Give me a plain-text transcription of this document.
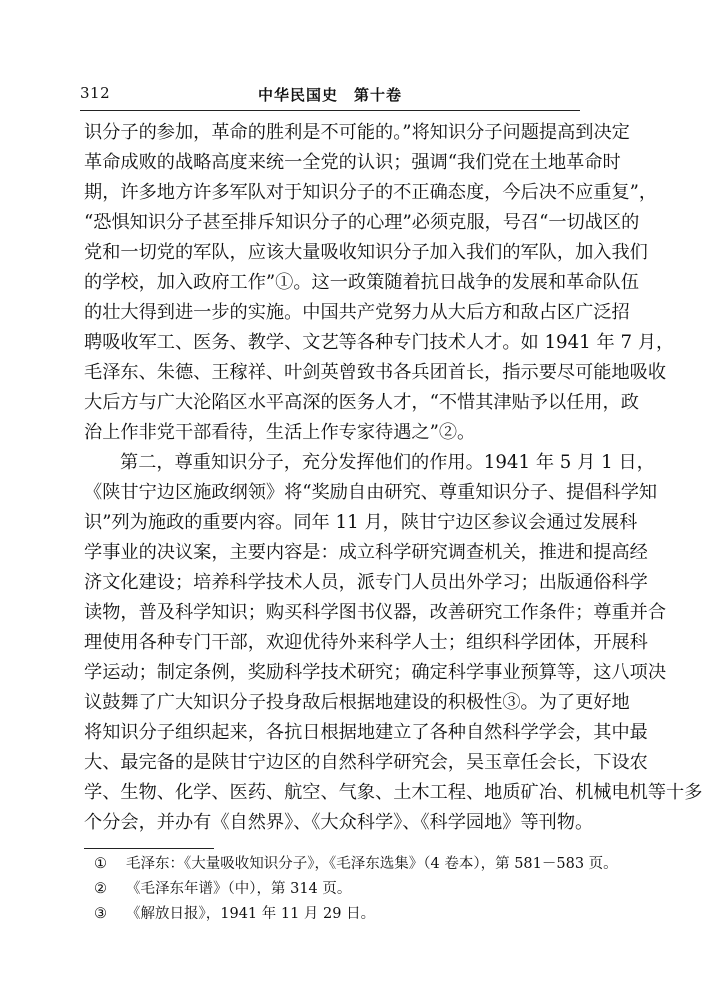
312	中华民国史　第十卷
识分子的参加，革命的胜利是不可能的。”将知识分子问题提高到决定
革命成败的战略高度来统一全党的认识；强调“我们党在土地革命时
期，许多地方许多军队对于知识分子的不正确态度，今后决不应重复”，
“恐惧知识分子甚至排斥知识分子的心理”必须克服，号召“一切战区的
党和一切党的军队，应该大量吸收知识分子加入我们的军队，加入我们
的学校，加入政府工作”①。这一政策随着抗日战争的发展和革命队伍
的壮大得到进一步的实施。中国共产党努力从大后方和敌占区广泛招
聘吸收军工、医务、教学、文艺等各种专门技术人才。如 1941 年 7 月，
毛泽东、朱德、王稼祥、叶剑英曾致书各兵团首长，指示要尽可能地吸收
大后方与广大沦陷区水平高深的医务人才，“不惜其津贴予以任用，政
治上作非党干部看待，生活上作专家待遇之”②。
第二，尊重知识分子，充分发挥他们的作用。1941 年 5 月 1 日，
《陕甘宁边区施政纲领》将“奖励自由研究、尊重知识分子、提倡科学知
识”列为施政的重要内容。同年 11 月，陕甘宁边区参议会通过发展科
学事业的决议案，主要内容是：成立科学研究调查机关，推进和提高经
济文化建设；培养科学技术人员，派专门人员出外学习；出版通俗科学
读物，普及科学知识；购买科学图书仪器，改善研究工作条件；尊重并合
理使用各种专门干部，欢迎优待外来科学人士；组织科学团体，开展科
学运动；制定条例，奖励科学技术研究；确定科学事业预算等，这八项决
议鼓舞了广大知识分子投身敌后根据地建设的积极性③。为了更好地
将知识分子组织起来，各抗日根据地建立了各种自然科学学会，其中最
大、最完备的是陕甘宁边区的自然科学研究会，吴玉章任会长，下设农
学、生物、化学、医药、航空、气象、土木工程、地质矿冶、机械电机等十多
个分会，并办有《自然界》、《大众科学》、《科学园地》等刊物。
① 毛泽东：《大量吸收知识分子》，《毛泽东选集》（4 卷本），第 581－583 页。
② 《毛泽东年谱》（中），第 314 页。
③ 《解放日报》，1941 年 11 月 29 日。
